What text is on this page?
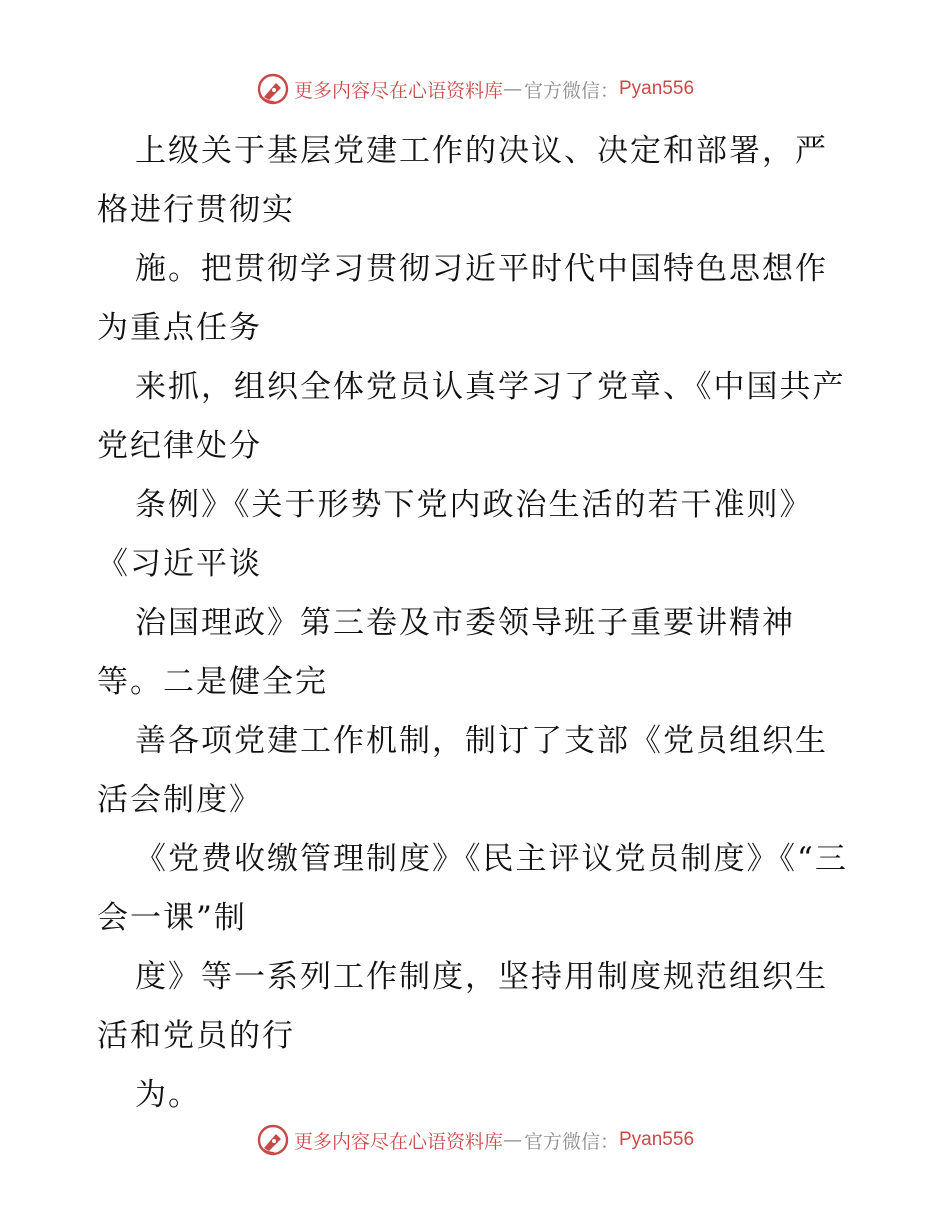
更多内容尽在心语资料库 — 官方微信： Pyan556

上级关于基层党建工作的决议、决定和部署，严格进行贯彻实

施。把贯彻学习贯彻习近平时代中国特色思想作为重点任务

来抓，组织全体党员认真学习了党章、《中国共产党纪律处分

条例》《关于形势下党内政治生活的若干准则》《习近平谈

治国理政》第三卷及市委领导班子重要讲精神等。二是健全完

善各项党建工作机制，制订了支部《党员组织生活会制度》

《党费收缴管理制度》《民主评议党员制度》《“三会一课”制

度》等一系列工作制度，坚持用制度规范组织生活和党员的行

为。

更多内容尽在心语资料库 — 官方微信： Pyan556
